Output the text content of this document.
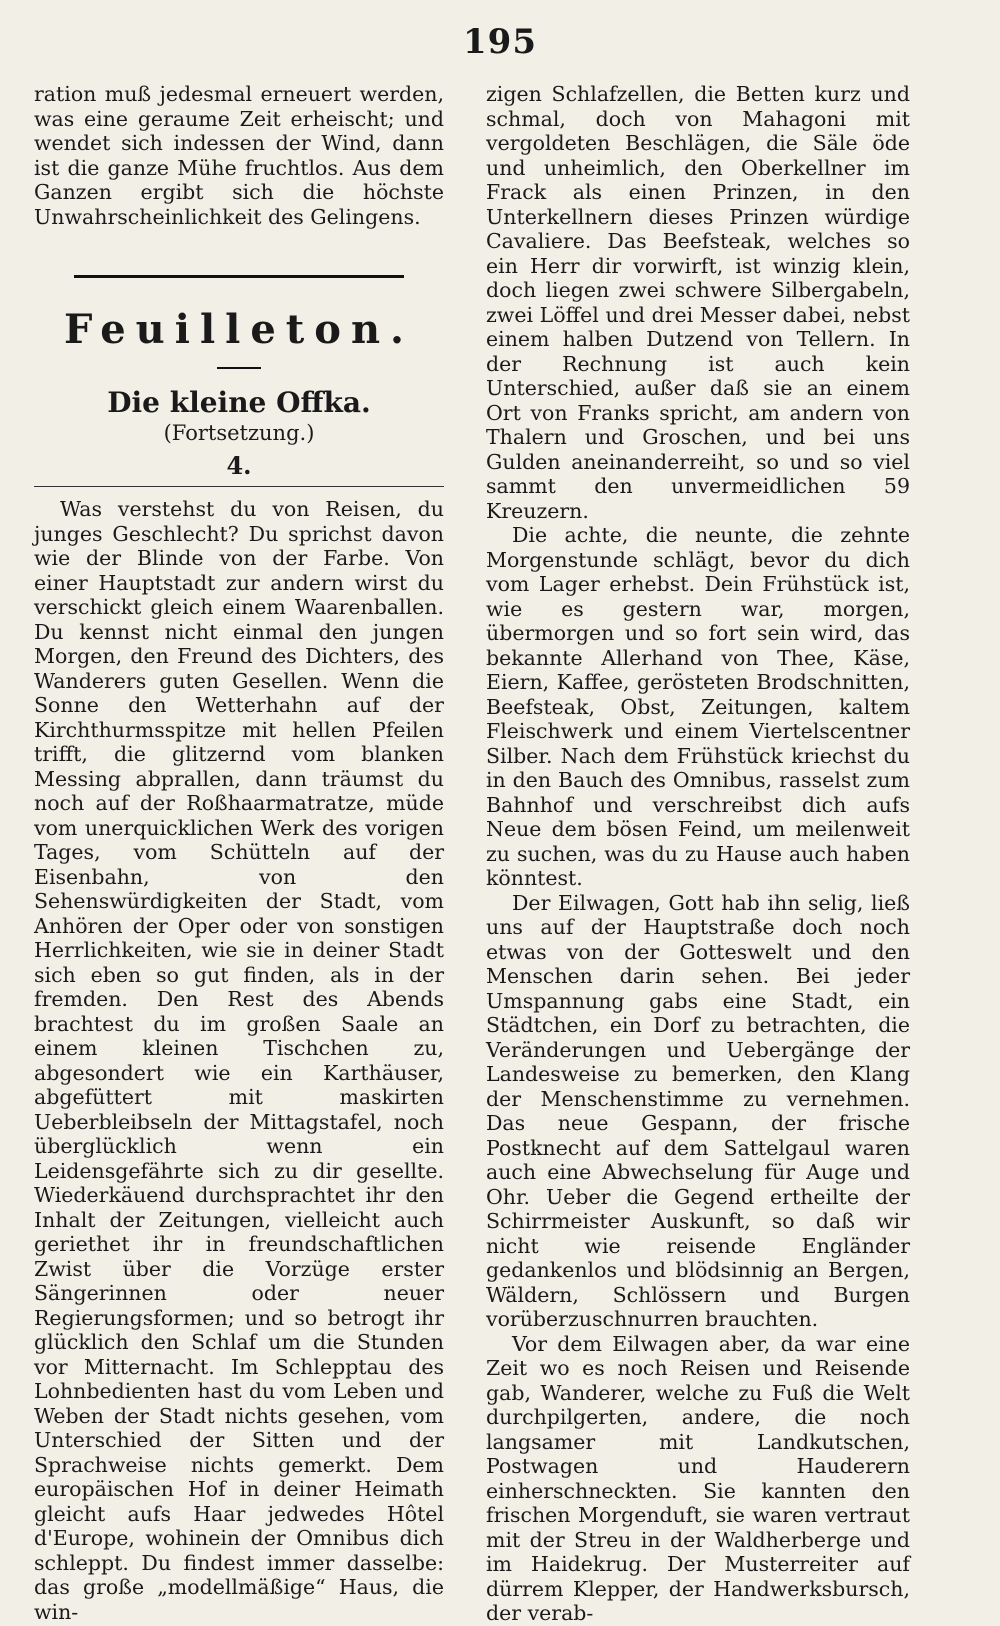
195

ration muß jedesmal erneuert werden, was eine geraume Zeit erheischt; und wendet sich indessen der Wind, dann ist die ganze Mühe fruchtlos. Aus dem Ganzen ergibt sich die höchste Unwahrscheinlichkeit des Gelingens.

Feuilleton.
Die kleine Offka.
(Fortsetzung.)
4.

Was verstehst du von Reisen, du junges Geschlecht? Du sprichst davon wie der Blinde von der Farbe. Von einer Hauptstadt zur andern wirst du verschickt gleich einem Waarenballen. Du kennst nicht einmal den jungen Morgen, den Freund des Dichters, des Wanderers guten Gesellen. Wenn die Sonne den Wetterhahn auf der Kirchthurmsspitze mit hellen Pfeilen trifft, die glitzernd vom blanken Messing abprallen, dann träumst du noch auf der Roßhaarmatratze, müde vom unerquicklichen Werk des vorigen Tages, vom Schütteln auf der Eisenbahn, von den Sehenswürdigkeiten der Stadt, vom Anhören der Oper oder von sonstigen Herrlichkeiten, wie sie in deiner Stadt sich eben so gut finden, als in der fremden. Den Rest des Abends brachtest du im großen Saale an einem kleinen Tischchen zu, abgesondert wie ein Karthäuser, abgefüttert mit maskirten Ueberbleibseln der Mittagstafel, noch überglücklich wenn ein Leidensgefährte sich zu dir gesellte. Wiederkäuend durchsprachtet ihr den Inhalt der Zeitungen, vielleicht auch geriethet ihr in freundschaftlichen Zwist über die Vorzüge erster Sängerinnen oder neuer Regierungsformen; und so betrogt ihr glücklich den Schlaf um die Stunden vor Mitternacht. Im Schlepptau des Lohnbedienten hast du vom Leben und Weben der Stadt nichts gesehen, vom Unterschied der Sitten und der Sprachweise nichts gemerkt. Dem europäischen Hof in deiner Heimath gleicht aufs Haar jedwedes Hôtel d'Europe, wohinein der Omnibus dich schleppt. Du findest immer dasselbe: das große „modellmäßige“ Haus, die win-

zigen Schlafzellen, die Betten kurz und schmal, doch von Mahagoni mit vergoldeten Beschlägen, die Säle öde und unheimlich, den Oberkellner im Frack als einen Prinzen, in den Unterkellnern dieses Prinzen würdige Cavaliere. Das Beefsteak, welches so ein Herr dir vorwirft, ist winzig klein, doch liegen zwei schwere Silbergabeln, zwei Löffel und drei Messer dabei, nebst einem halben Dutzend von Tellern. In der Rechnung ist auch kein Unterschied, außer daß sie an einem Ort von Franks spricht, am andern von Thalern und Groschen, und bei uns Gulden aneinanderreiht, so und so viel sammt den unvermeidlichen 59 Kreuzern.

Die achte, die neunte, die zehnte Morgenstunde schlägt, bevor du dich vom Lager erhebst. Dein Frühstück ist, wie es gestern war, morgen, übermorgen und so fort sein wird, das bekannte Allerhand von Thee, Käse, Eiern, Kaffee, gerösteten Brodschnitten, Beefsteak, Obst, Zeitungen, kaltem Fleischwerk und einem Viertelscentner Silber. Nach dem Frühstück kriechst du in den Bauch des Omnibus, rasselst zum Bahnhof und verschreibst dich aufs Neue dem bösen Feind, um meilenweit zu suchen, was du zu Hause auch haben könntest.

Der Eilwagen, Gott hab ihn selig, ließ uns auf der Hauptstraße doch noch etwas von der Gotteswelt und den Menschen darin sehen. Bei jeder Umspannung gabs eine Stadt, ein Städtchen, ein Dorf zu betrachten, die Veränderungen und Uebergänge der Landesweise zu bemerken, den Klang der Menschenstimme zu vernehmen. Das neue Gespann, der frische Postknecht auf dem Sattelgaul waren auch eine Abwechselung für Auge und Ohr. Ueber die Gegend ertheilte der Schirrmeister Auskunft, so daß wir nicht wie reisende Engländer gedankenlos und blödsinnig an Bergen, Wäldern, Schlössern und Burgen vorüberzuschnurren brauchten.

Vor dem Eilwagen aber, da war eine Zeit wo es noch Reisen und Reisende gab, Wanderer, welche zu Fuß die Welt durchpilgerten, andere, die noch langsamer mit Landkutschen, Postwagen und Hauderern einherschneckten. Sie kannten den frischen Morgenduft, sie waren vertraut mit der Streu in der Waldherberge und im Haidekrug. Der Musterreiter auf dürrem Klepper, der Handwerksbursch, der verab-
